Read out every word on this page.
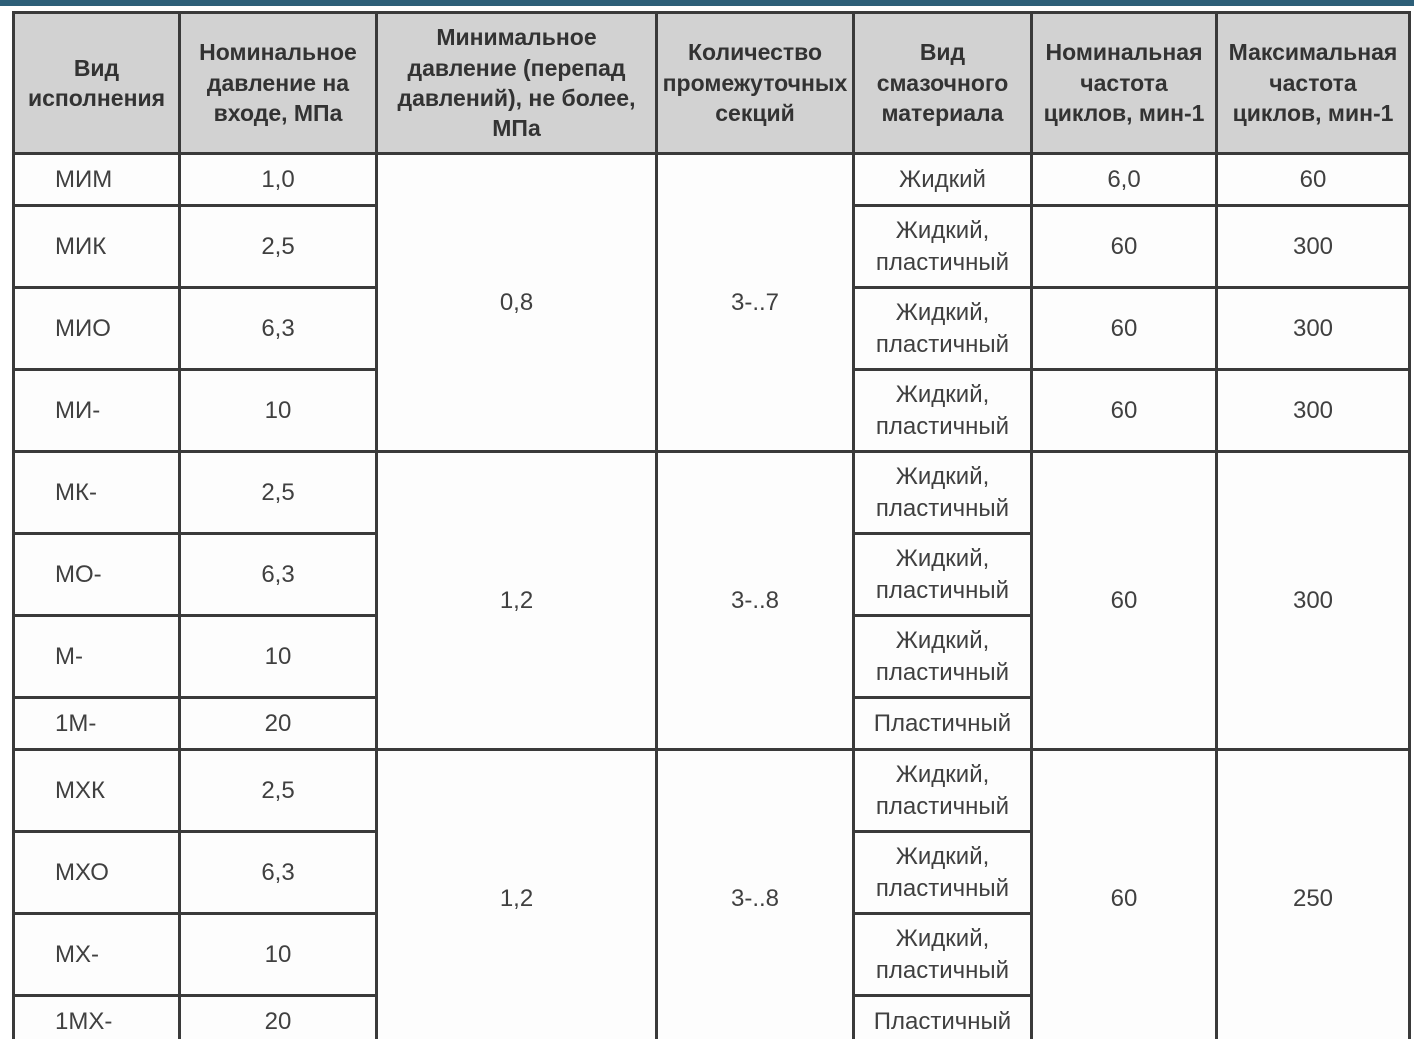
Вид исполнения	Номинальное давление на входе, МПа	Минимальное давление (перепад давлений), не более, МПа	Количество промежуточных секций	Вид смазочного материала	Номинальная частота циклов, мин-1	Максимальная частота циклов, мин-1
МИМ	1,0	0,8	3-..7	Жидкий	6,0	60
МИК	2,5			Жидкий, пластичный	60	300
МИО	6,3			Жидкий, пластичный	60	300
МИ-	10			Жидкий, пластичный	60	300
МК-	2,5	1,2	3-..8	Жидкий, пластичный	60	300
МО-	6,3			Жидкий, пластичный		
М-	10			Жидкий, пластичный		
1М-	20			Пластичный		
МХК	2,5	1,2	3-..8	Жидкий, пластичный	60	250
МХО	6,3			Жидкий, пластичный		
МХ-	10			Жидкий, пластичный		
1МХ-	20			Пластичный		
